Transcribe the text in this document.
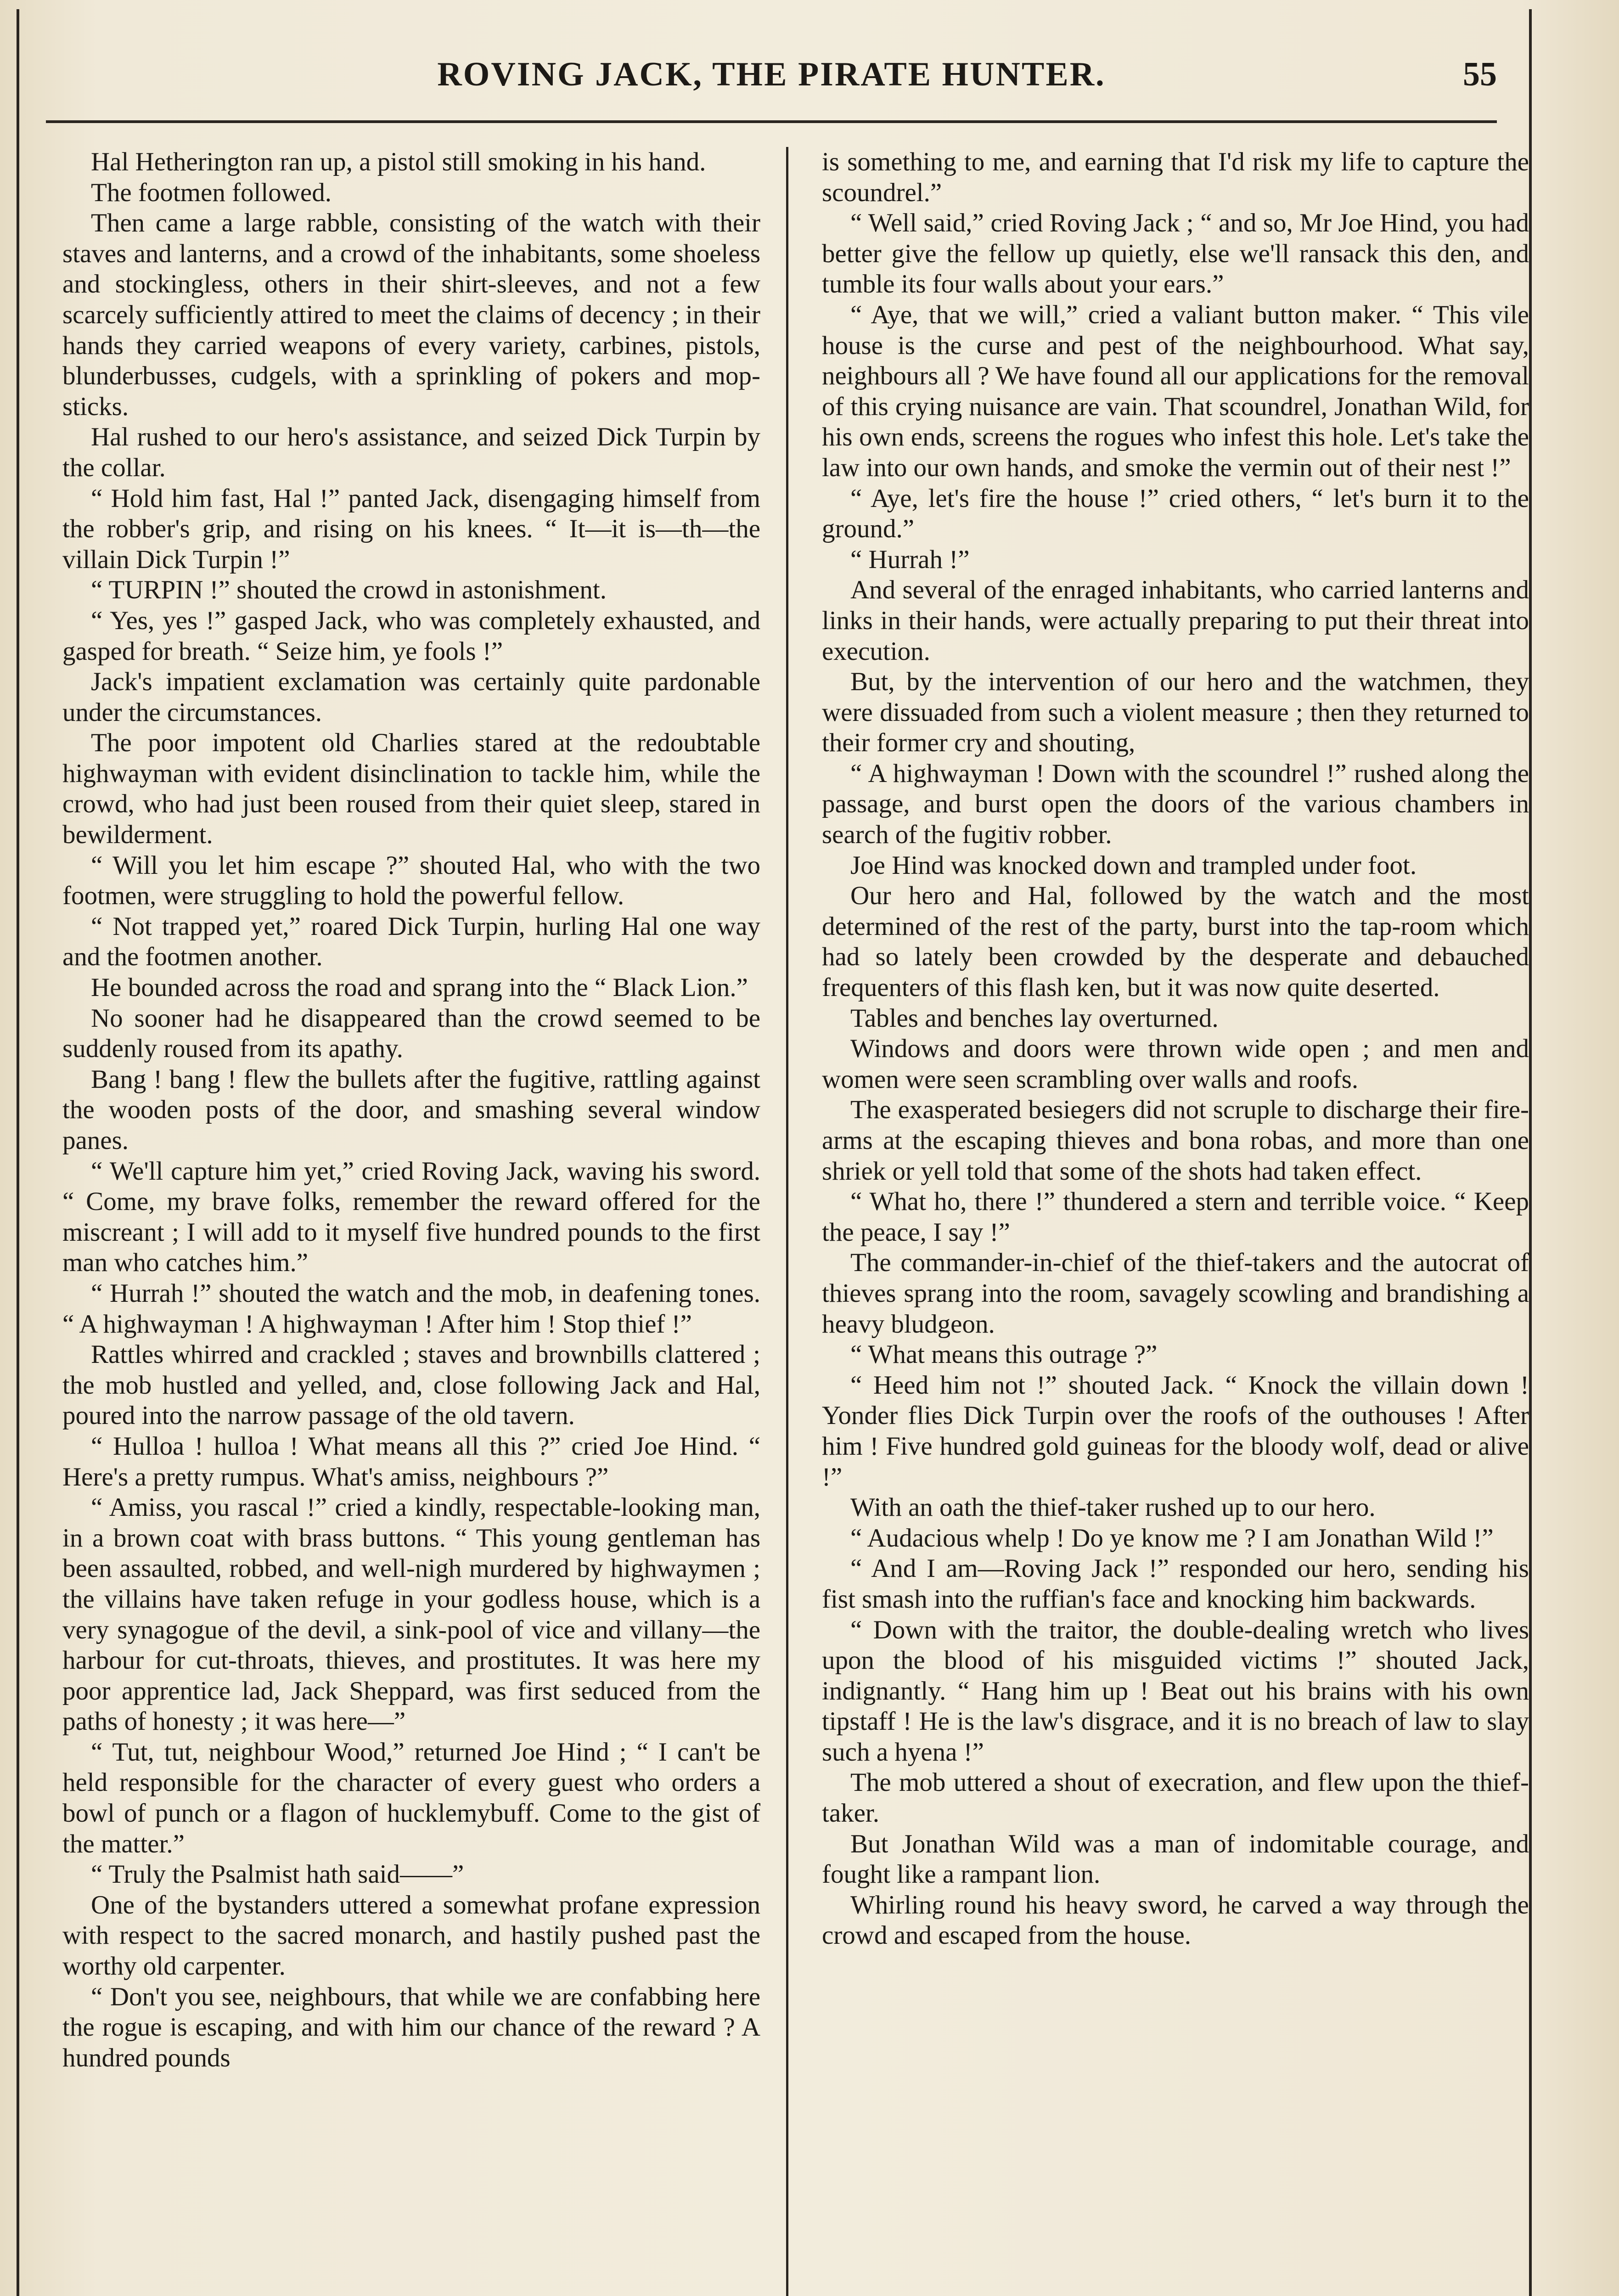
ROVING JACK, THE PIRATE HUNTER.	55

Hal Hetherington ran up, a pistol still smoking in his hand.

The footmen followed.

Then came a large rabble, consisting of the watch with their staves and lanterns, and a crowd of the inhabitants, some shoeless and stockingless, others in their shirt-sleeves, and not a few scarcely sufficiently attired to meet the claims of decency ; in their hands they carried weapons of every variety, carbines, pistols, blunderbusses, cudgels, with a sprinkling of pokers and mop-sticks.

Hal rushed to our hero's assistance, and seized Dick Turpin by the collar.

“ Hold him fast, Hal !” panted Jack, disengaging himself from the robber's grip, and rising on his knees. “ It—it is—th—the villain Dick Turpin !”

“ TURPIN !” shouted the crowd in astonishment.

“ Yes, yes !” gasped Jack, who was completely exhausted, and gasped for breath. “ Seize him, ye fools !”

Jack's impatient exclamation was certainly quite pardonable under the circumstances.

The poor impotent old Charlies stared at the redoubtable highwayman with evident disinclination to tackle him, while the crowd, who had just been roused from their quiet sleep, stared in bewilderment.

“ Will you let him escape ?” shouted Hal, who with the two footmen, were struggling to hold the powerful fellow.

“ Not trapped yet,” roared Dick Turpin, hurling Hal one way and the footmen another.

He bounded across the road and sprang into the “ Black Lion.”

No sooner had he disappeared than the crowd seemed to be suddenly roused from its apathy.

Bang ! bang ! flew the bullets after the fugitive, rattling against the wooden posts of the door, and smashing several window panes.

“ We'll capture him yet,” cried Roving Jack, waving his sword. “ Come, my brave folks, remember the reward offered for the miscreant ; I will add to it myself five hundred pounds to the first man who catches him.”

“ Hurrah !” shouted the watch and the mob, in deafening tones. “ A highwayman ! A highwayman ! After him ! Stop thief !”

Rattles whirred and crackled ; staves and brownbills clattered ; the mob hustled and yelled, and, close following Jack and Hal, poured into the narrow passage of the old tavern.

“ Hulloa ! hulloa ! What means all this ?” cried Joe Hind. “ Here's a pretty rumpus. What's amiss, neighbours ?”

“ Amiss, you rascal !” cried a kindly, respectable-looking man, in a brown coat with brass buttons. “ This young gentleman has been assaulted, robbed, and well-nigh murdered by highwaymen ; the villains have taken refuge in your godless house, which is a very synagogue of the devil, a sink-pool of vice and villany—the harbour for cut-throats, thieves, and prostitutes. It was here my poor apprentice lad, Jack Sheppard, was first seduced from the paths of honesty ; it was here—”

“ Tut, tut, neighbour Wood,” returned Joe Hind ; “ I can't be held responsible for the character of every guest who orders a bowl of punch or a flagon of hucklemybuff. Come to the gist of the matter.”

“ Truly the Psalmist hath said——”

One of the bystanders uttered a somewhat profane expression with respect to the sacred monarch, and hastily pushed past the worthy old carpenter.

“ Don't you see, neighbours, that while we are confabbing here the rogue is escaping, and with him our chance of the reward ? A hundred pounds

is something to me, and earning that I'd risk my life to capture the scoundrel.”

“ Well said,” cried Roving Jack ; “ and so, Mr Joe Hind, you had better give the fellow up quietly, else we'll ransack this den, and tumble its four walls about your ears.”

“ Aye, that we will,” cried a valiant button maker. “ This vile house is the curse and pest of the neighbourhood. What say, neighbours all ? We have found all our applications for the removal of this crying nuisance are vain. That scoundrel, Jonathan Wild, for his own ends, screens the rogues who infest this hole. Let's take the law into our own hands, and smoke the vermin out of their nest !”

“ Aye, let's fire the house !” cried others, “ let's burn it to the ground.”

“ Hurrah !”

And several of the enraged inhabitants, who carried lanterns and links in their hands, were actually preparing to put their threat into execution.

But, by the intervention of our hero and the watchmen, they were dissuaded from such a violent measure ; then they returned to their former cry and shouting,

“ A highwayman ! Down with the scoundrel !” rushed along the passage, and burst open the doors of the various chambers in search of the fugitiv robber.

Joe Hind was knocked down and trampled under foot.

Our hero and Hal, followed by the watch and the most determined of the rest of the party, burst into the tap-room which had so lately been crowded by the desperate and debauched frequenters of this flash ken, but it was now quite deserted.

Tables and benches lay overturned.

Windows and doors were thrown wide open ; and men and women were seen scrambling over walls and roofs.

The exasperated besiegers did not scruple to discharge their fire-arms at the escaping thieves and bona robas, and more than one shriek or yell told that some of the shots had taken effect.

“ What ho, there !” thundered a stern and terrible voice. “ Keep the peace, I say !”

The commander-in-chief of the thief-takers and the autocrat of thieves sprang into the room, savagely scowling and brandishing a heavy bludgeon.

“ What means this outrage ?”

“ Heed him not !” shouted Jack. “ Knock the villain down ! Yonder flies Dick Turpin over the roofs of the outhouses ! After him ! Five hundred gold guineas for the bloody wolf, dead or alive !”

With an oath the thief-taker rushed up to our hero.

“ Audacious whelp ! Do ye know me ? I am Jonathan Wild !”

“ And I am—Roving Jack !” responded our hero, sending his fist smash into the ruffian's face and knocking him backwards.

“ Down with the traitor, the double-dealing wretch who lives upon the blood of his misguided victims !” shouted Jack, indignantly. “ Hang him up ! Beat out his brains with his own tipstaff ! He is the law's disgrace, and it is no breach of law to slay such a hyena !”

The mob uttered a shout of execration, and flew upon the thief-taker.

But Jonathan Wild was a man of indomitable courage, and fought like a rampant lion.

Whirling round his heavy sword, he carved a way through the crowd and escaped from the house.
